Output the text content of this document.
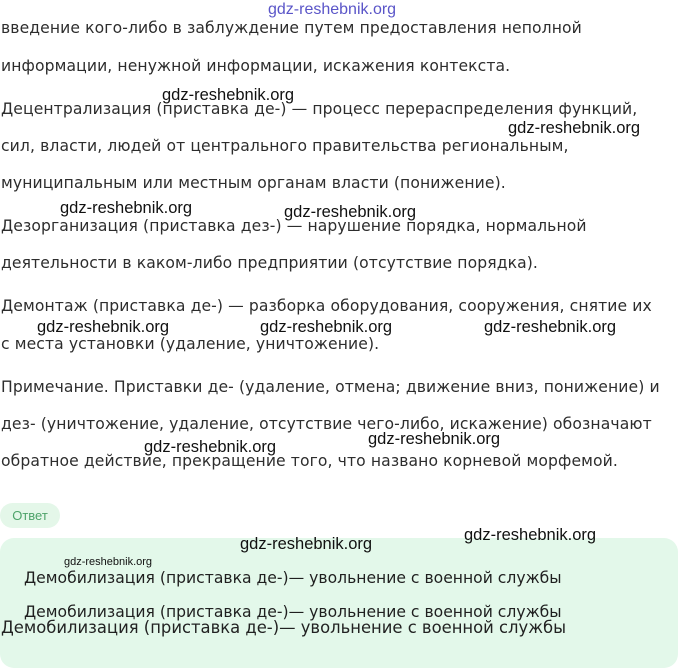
введение кого-либо в заблуждение путем предоставления неполной
информации, ненужной информации, искажения контекста.
Децентрализация (приставка де-) — процесс перераспределения функций,
сил, власти, людей от центрального правительства региональным,
муниципальным или местным органам власти (понижение).
Дезорганизация (приставка дез-) — нарушение порядка, нормальной
деятельности в каком-либо предприятии (отсутствие порядка).
Демонтаж (приставка де-) — разборка оборудования, сооружения, снятие их
с места установки (удаление, уничтожение).
Примечание. Приставки де- (удаление, отмена; движение вниз, понижение) и
дез- (уничтожение, удаление, отсутствие чего-либо, искажение) обозначают
обратное действие, прекращение того, что названо корневой морфемой.
Ответ
Демобилизация (приставка де-)— увольнение с военной службы
Демобилизация (приставка де-)— увольнение с военной службы
gdz-reshebnik.org
gdz-reshebnik.org
gdz-reshebnik.org
gdz-reshebnik.org	gdz-reshebnik.org
gdz-reshebnik.org	gdz-reshebnik.org	gdz-reshebnik.org
gdz-reshebnik.org
gdz-reshebnik.org
gdz-reshebnik.org
gdz-reshebnik.org
gdz-reshebnik.org
